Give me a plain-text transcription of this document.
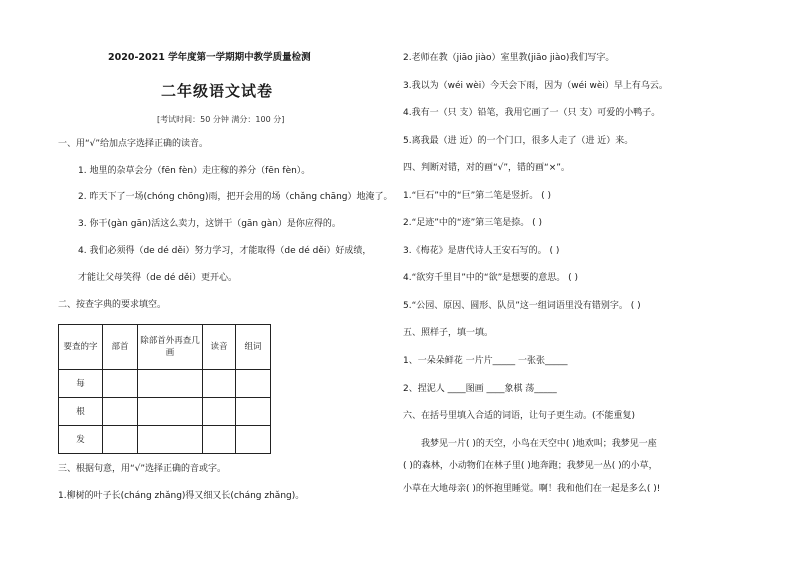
2020-2021 学年度第一学期期中教学质量检测
二年级语文试卷
[考试时间：50 分钟 满分：100 分]
一、用“√”给加点字选择正确的读音。
1. 地里的杂草会分（fēn fèn）走庄稼的养分（fēn fèn）。
2. 昨天下了一场(chóng chōng)雨，把开会用的场（chǎng chāng）地淹了。
3. 你干(gàn gān)活这么卖力，这饼干（gān gàn）是你应得的。
4. 我们必须得（de dé děi）努力学习，才能取得（de dé děi）好成绩，
才能让父母笑得（de dé děi）更开心。
二、按查字典的要求填空。
要查的字	部首	除部首外再查几画	读音	组词
每				
根				
发				
三、根据句意，用“√”选择正确的音或字。
1.柳树的叶子长(cháng zhǎng)得又细又长(cháng zhǎng)。
2.老师在教（jiāo jiào）室里教(jiāo jiào)我们写字。
3.我以为（wéi wèi）今天会下雨，因为（wéi wèi）早上有乌云。
4.我有一（只 支）铅笔，我用它画了一（只 支）可爱的小鸭子。
5.离我最（进 近）的一个门口，很多人走了（进 近）来。
四、判断对错，对的画“√”，错的画“×”。
1.“巨石”中的“巨”第二笔是竖折。 ( )
2.“足迹”中的“迹”第三笔是捺。 ( )
3.《梅花》是唐代诗人王安石写的。 ( )
4.“欲穷千里目”中的“欲”是想要的意思。 ( )
5.“公园、原因、圆形、队员”这一组词语里没有错别字。 ( )
五、照样子，填一填。
1、一朵朵鲜花 一片片_____ 一张张_____
2、捏泥人 ____图画 ____象棋 荡_____
六、在括号里填入合适的词语，让句子更生动。(不能重复)
我梦见一片( )的天空，小鸟在天空中( )地欢叫；我梦见一座
( )的森林，小动物们在林子里( )地奔跑；我梦见一丛( )的小草，
小草在大地母亲( )的怀抱里睡觉。啊！我和他们在一起是多么( )!
